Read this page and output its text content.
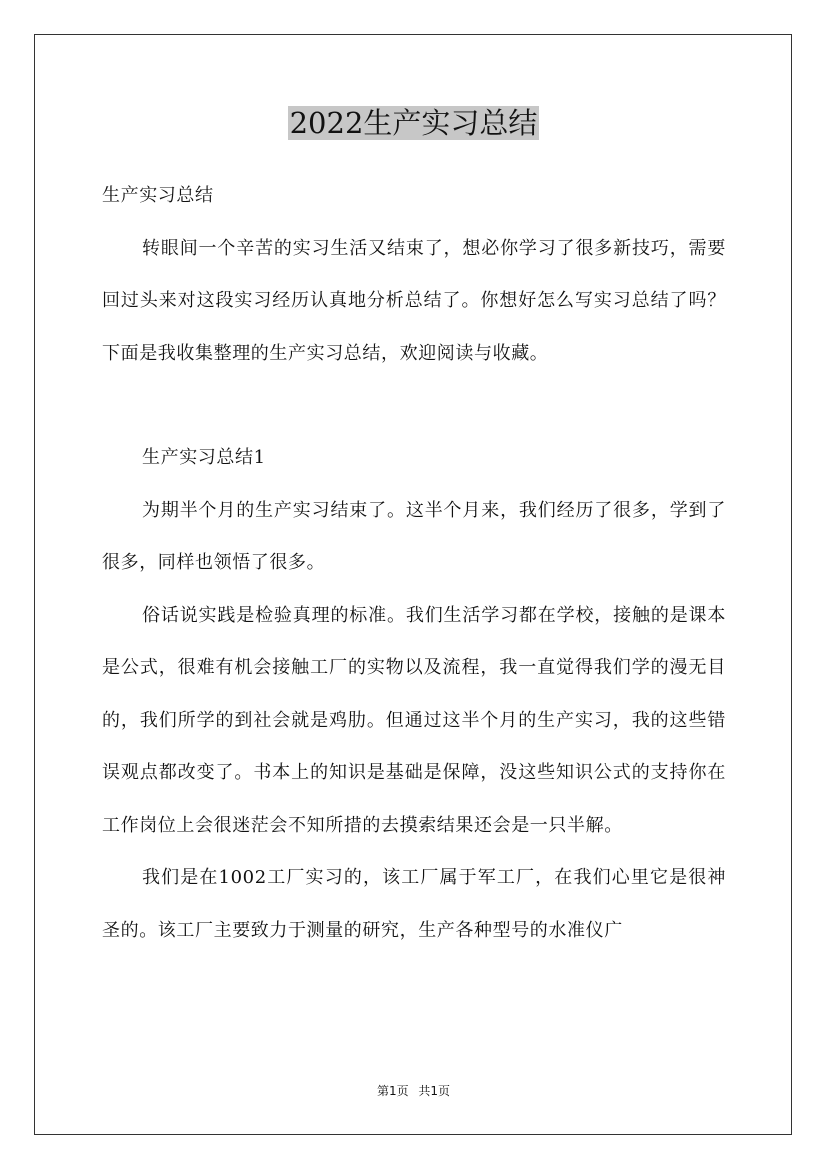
2022生产实习总结

生产实习总结

转眼间一个辛苦的实习生活又结束了，想必你学习了很多新技巧，需要回过头来对这段实习经历认真地分析总结了。你想好怎么写实习总结了吗？下面是我收集整理的生产实习总结，欢迎阅读与收藏。

生产实习总结1

为期半个月的生产实习结束了。这半个月来，我们经历了很多，学到了很多，同样也领悟了很多。

俗话说实践是检验真理的标准。我们生活学习都在学校，接触的是课本是公式，很难有机会接触工厂的实物以及流程，我一直觉得我们学的漫无目的，我们所学的到社会就是鸡肋。但通过这半个月的生产实习，我的这些错误观点都改变了。书本上的知识是基础是保障，没这些知识公式的支持你在工作岗位上会很迷茫会不知所措的去摸索结果还会是一只半解。

我们是在1002工厂实习的，该工厂属于军工厂，在我们心里它是很神圣的。该工厂主要致力于测量的研究，生产各种型号的水准仪广

第1页 共1页
